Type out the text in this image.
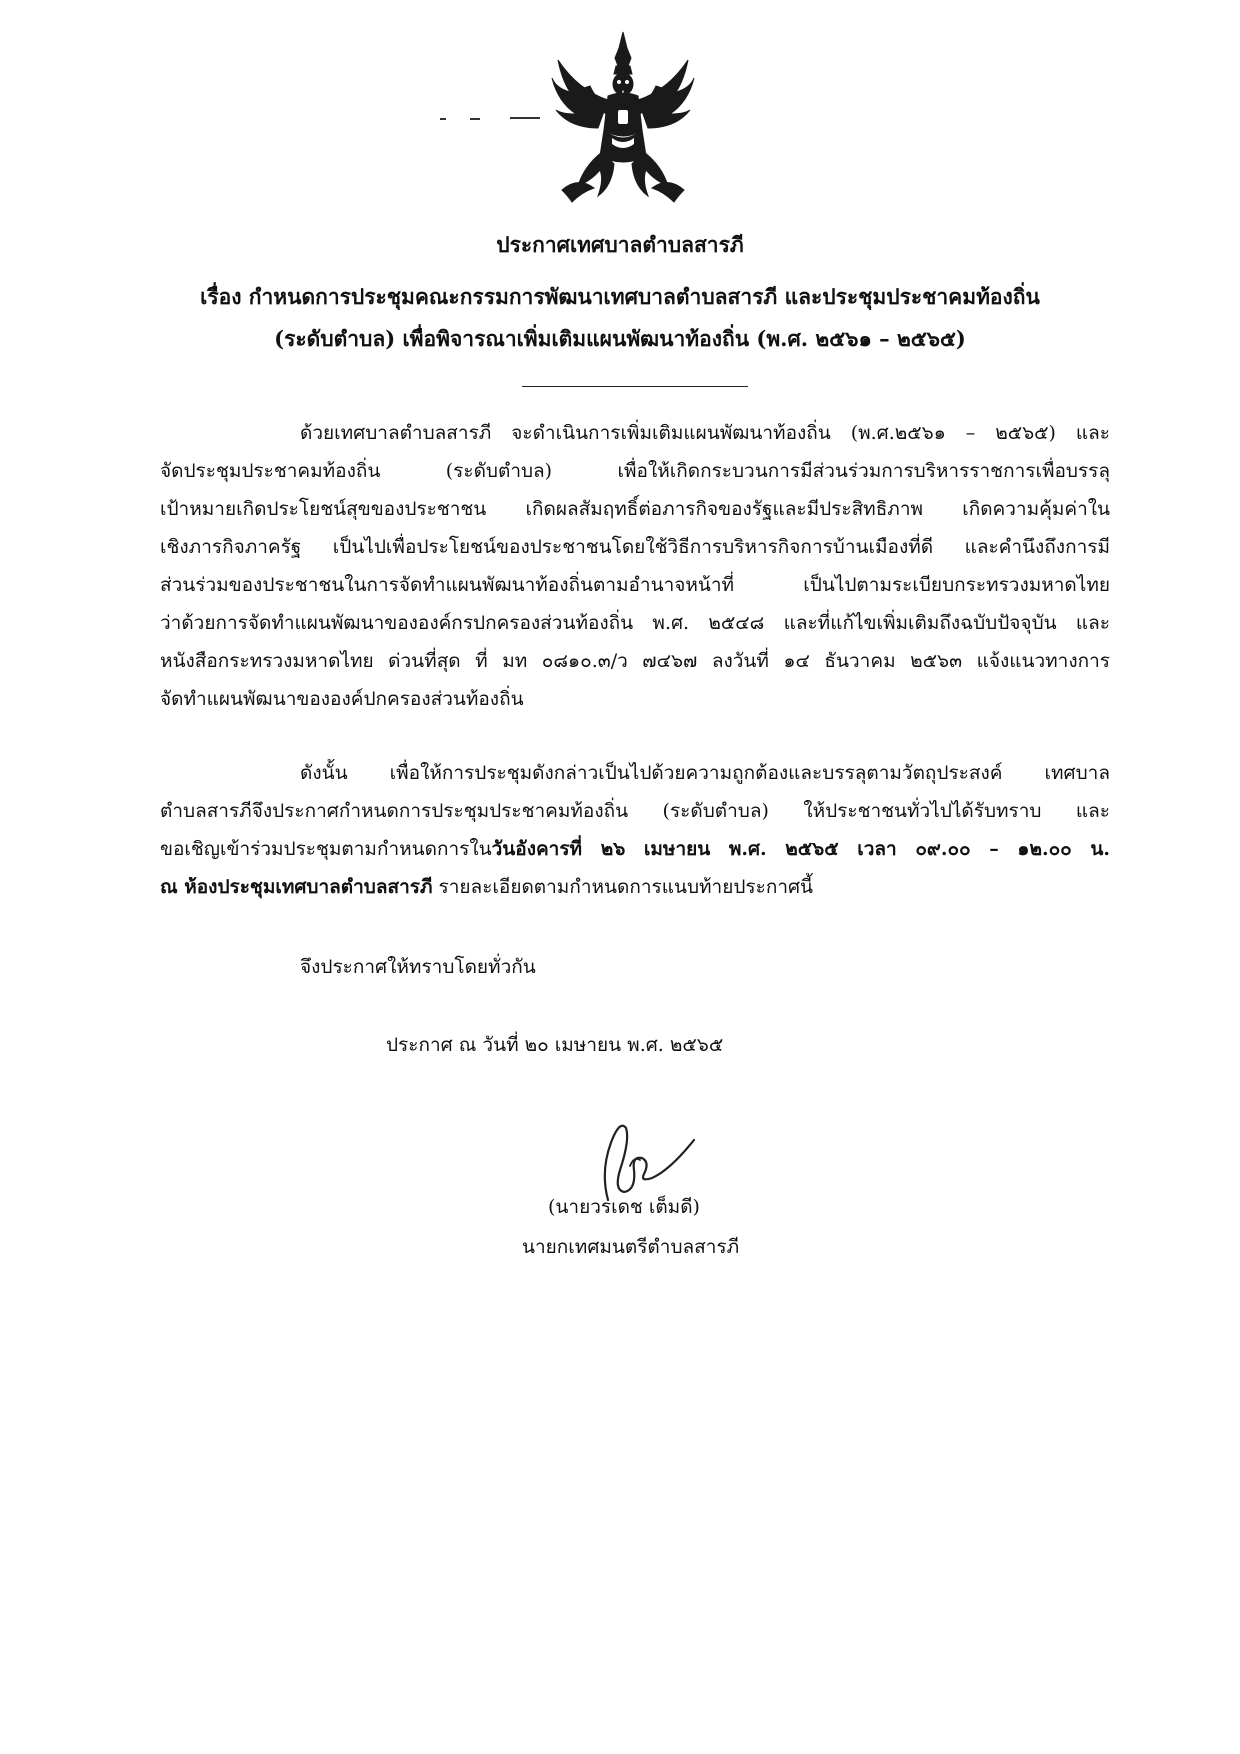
ประกาศเทศบาลตำบลสารภี
เรื่อง กำหนดการประชุมคณะกรรมการพัฒนาเทศบาลตำบลสารภี และประชุมประชาคมท้องถิ่น
(ระดับตำบล) เพื่อพิจารณาเพิ่มเติมแผนพัฒนาท้องถิ่น (พ.ศ. ๒๕๖๑ – ๒๕๖๕)
ด้วยเทศบาลตำบลสารภี จะดำเนินการเพิ่มเติมแผนพัฒนาท้องถิ่น (พ.ศ.๒๕๖๑ – ๒๕๖๕) และ
จัดประชุมประชาคมท้องถิ่น (ระดับตำบล) เพื่อให้เกิดกระบวนการมีส่วนร่วมการบริหารราชการเพื่อบรรลุ
เป้าหมายเกิดประโยชน์สุขของประชาชน เกิดผลสัมฤทธิ์ต่อภารกิจของรัฐและมีประสิทธิภาพ เกิดความคุ้มค่าใน
เชิงภารกิจภาครัฐ เป็นไปเพื่อประโยชน์ของประชาชนโดยใช้วิธีการบริหารกิจการบ้านเมืองที่ดี และคำนึงถึงการมี
ส่วนร่วมของประชาชนในการจัดทำแผนพัฒนาท้องถิ่นตามอำนาจหน้าที่ เป็นไปตามระเบียบกระทรวงมหาดไทย
ว่าด้วยการจัดทำแผนพัฒนาขององค์กรปกครองส่วนท้องถิ่น พ.ศ. ๒๕๔๘ และที่แก้ไขเพิ่มเติมถึงฉบับปัจจุบัน และ
หนังสือกระทรวงมหาดไทย ด่วนที่สุด ที่ มท ๐๘๑๐.๓/ว ๗๔๖๗ ลงวันที่ ๑๔ ธันวาคม ๒๕๖๓ แจ้งแนวทางการ
จัดทำแผนพัฒนาขององค์ปกครองส่วนท้องถิ่น
ดังนั้น เพื่อให้การประชุมดังกล่าวเป็นไปด้วยความถูกต้องและบรรลุตามวัตถุประสงค์ เทศบาล
ตำบลสารภีจึงประกาศกำหนดการประชุมประชาคมท้องถิ่น (ระดับตำบล) ให้ประชาชนทั่วไปได้รับทราบ และ
ขอเชิญเข้าร่วมประชุมตามกำหนดการในวันอังคารที่ ๒๖ เมษายน พ.ศ. ๒๕๖๕ เวลา ๐๙.๐๐ – ๑๒.๐๐ น.
ณ ห้องประชุมเทศบาลตำบลสารภี รายละเอียดตามกำหนดการแนบท้ายประกาศนี้
จึงประกาศให้ทราบโดยทั่วกัน
ประกาศ ณ วันที่ ๒๐ เมษายน พ.ศ. ๒๕๖๕
(นายวรเดช เต็มดี)
นายกเทศมนตรีตำบลสารภี
